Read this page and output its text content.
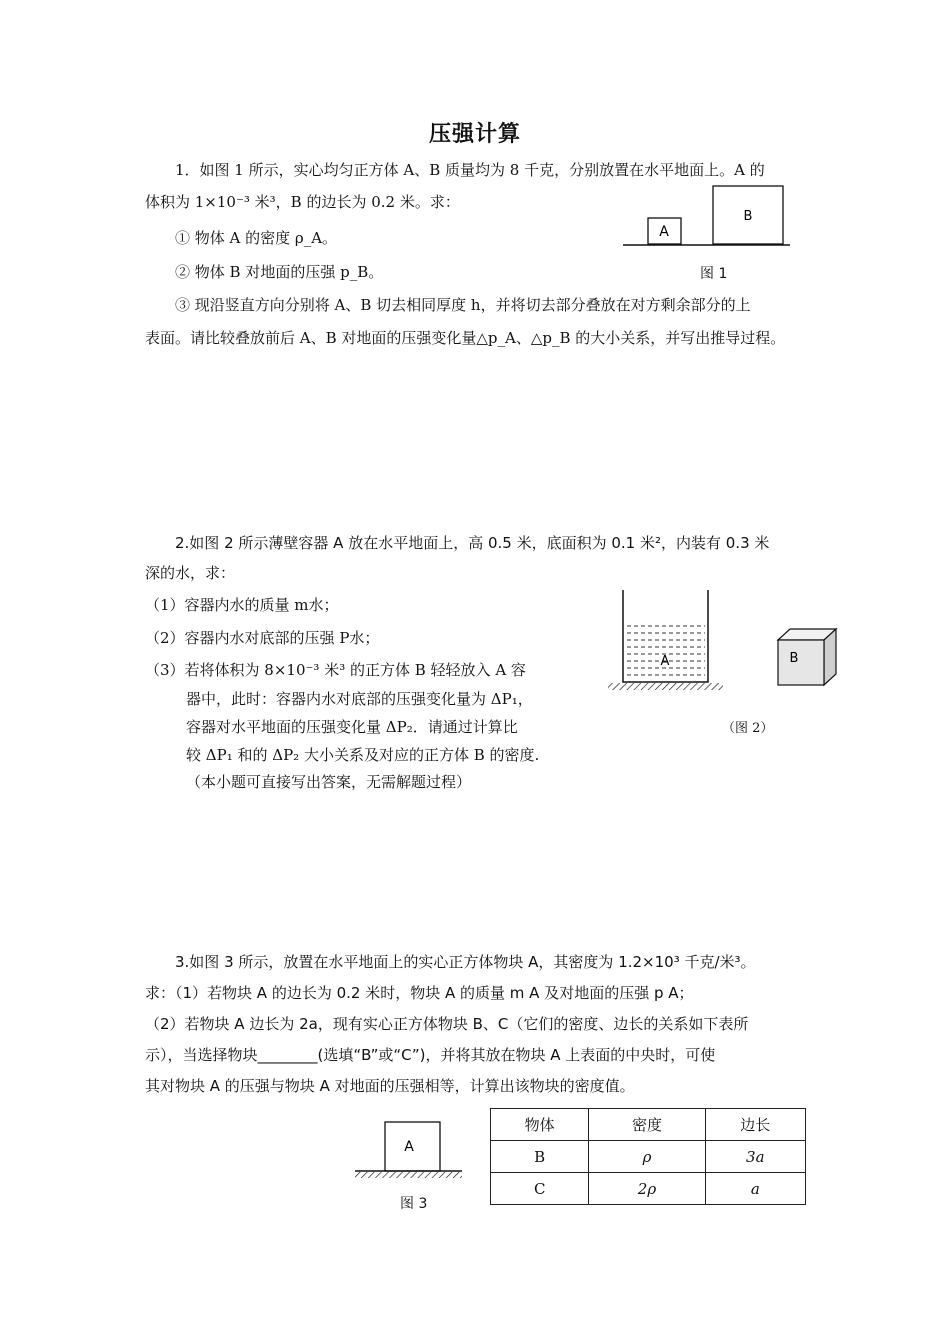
压强计算
1．如图 1 所示，实心均匀正方体 A、B 质量均为 8 千克，分别放置在水平地面上。A 的
体积为 1×10⁻³ 米³，B 的边长为 0.2 米。求：
① 物体 A 的密度 ρ_A。
② 物体 B 对地面的压强 p_B。
③ 现沿竖直方向分别将 A、B 切去相同厚度 h，并将切去部分叠放在对方剩余部分的上
表面。请比较叠放前后 A、B 对地面的压强变化量△p_A、△p_B 的大小关系，并写出推导过程。
A
B
图 1
2.如图 2 所示薄壁容器 A 放在水平地面上，高 0.5 米，底面积为 0.1 米²，内装有 0.3 米
深的水，求：
（1）容器内水的质量 m水；
（2）容器内水对底部的压强 P水；
（3）若将体积为 8×10⁻³ 米³ 的正方体 B 轻轻放入 A 容
器中，此时：容器内水对底部的压强变化量为 ΔP₁，
容器对水平地面的压强变化量 ΔP₂．请通过计算比
较 ΔP₁ 和的 ΔP₂ 大小关系及对应的正方体 B 的密度.
（本小题可直接写出答案，无需解题过程）
A	B
（图 2）
3.如图 3 所示，放置在水平地面上的实心正方体物块 A，其密度为 1.2×10³ 千克/米³。
求：（1）若物块 A 的边长为 0.2 米时，物块 A 的质量 m A 及对地面的压强 p A；
（2）若物块 A 边长为 2a，现有实心正方体物块 B、C（它们的密度、边长的关系如下表所
示），当选择物块________(选填“B”或“C”)，并将其放在物块 A 上表面的中央时，可使
其对物块 A 的压强与物块 A 对地面的压强相等，计算出该物块的密度值。
A
图 3
物体	密度	边长
B	ρ	3a
C	2ρ	a
